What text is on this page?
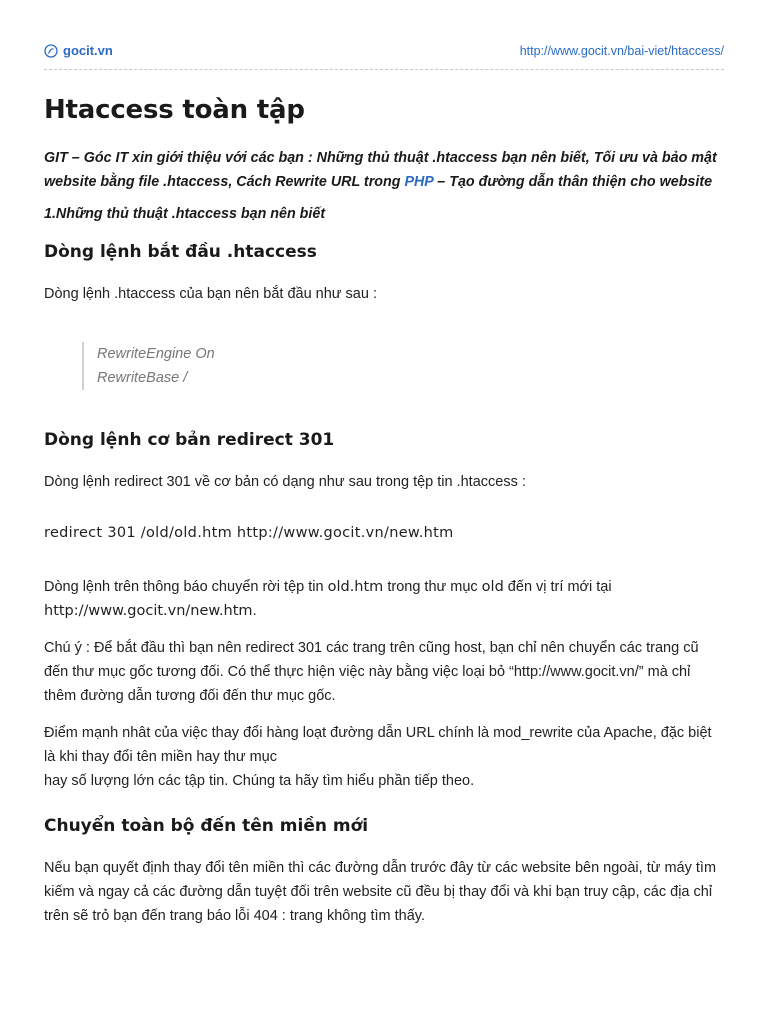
gocit.vn	http://www.gocit.vn/bai-viet/htaccess/
Htaccess toàn tập

GIT – Góc IT xin giới thiệu với các bạn : Những thủ thuật .htaccess bạn nên biết, Tối ưu và bảo mật website bằng file .htaccess, Cách Rewrite URL trong PHP – Tạo đường dẫn thân thiện cho website

1.Những thủ thuật .htaccess bạn nên biết

Dòng lệnh bắt đầu .htaccess

Dòng lệnh .htaccess của bạn nên bắt đầu như sau :

RewriteEngine On
RewriteBase /
Dòng lệnh cơ bản redirect 301

Dòng lệnh redirect 301 về cơ bản có dạng như sau trong tệp tin .htaccess :

redirect 301 /old/old.htm http://www.gocit.vn/new.htm

Dòng lệnh trên thông báo chuyển rời tệp tin old.htm trong thư mục old đến vị trí mới tại http://www.gocit.vn/new.htm.

Chú ý : Để bắt đầu thì bạn nên redirect 301 các trang trên cũng host, bạn chỉ nên chuyển các trang cũ đến thư mục gốc tương đối. Có thể thực hiện việc này bằng việc loại bỏ “http://www.gocit.vn/” mà chỉ thêm đường dẫn tương đối đến thư mục gốc.

Điểm mạnh nhât của việc thay đổi hàng loạt đường dẫn URL chính là mod_rewrite của Apache, đặc biệt là khi thay đổi tên miền hay thư mục
hay số lượng lớn các tập tin. Chúng ta hãy tìm hiểu phần tiếp theo.

Chuyển toàn bộ đến tên miền mới

Nếu bạn quyết định thay đổi tên miền thì các đường dẫn trước đây từ các website bên ngoài, từ máy tìm kiếm và ngay cả các đường dẫn tuyệt đối trên website cũ đều bị thay đổi và khi bạn truy cập, các địa chỉ trên sẽ trỏ bạn đến trang báo lỗi 404 : trang không tìm thấy.
